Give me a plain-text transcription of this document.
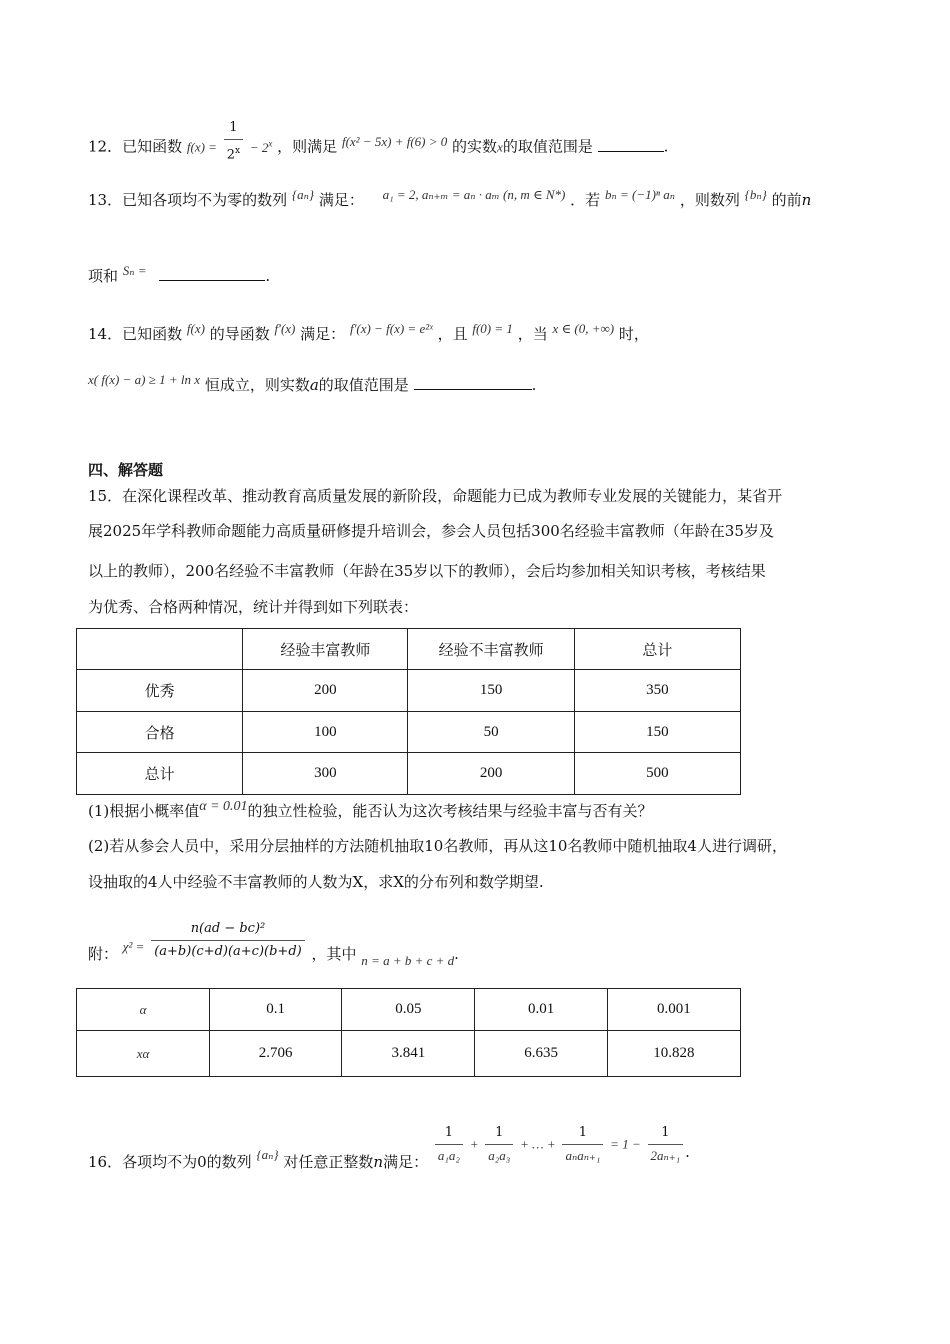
12．已知函数 $f(x) = \frac{1}{2^x} - 2^x$ ，则满足 f(x² − 5x) + f(6) > 0 的实数x的取值范围是	.
13．已知各项均不为零的数列 {aₙ} 满足： a₁ = 2, aₙ₊ₘ = aₙ · aₘ (n, m ∈ N*) ．若 bₙ = (−1)ⁿ aₙ ，则数列 {bₙ} 的前n
项和 Sₙ =	.
14．已知函数 f(x) 的导函数 f′(x) 满足： f′(x) − f(x) = e²ˣ ，且 f(0) = 1 ，当 x ∈ (0, +∞) 时，
x( f(x) − a) ≥ 1 + ln x 恒成立，则实数a的取值范围是	.
四、解答题
15．在深化课程改革、推动教育高质量发展的新阶段，命题能力已成为教师专业发展的关键能力，某省开
展2025年学科教师命题能力高质量研修提升培训会，参会人员包括300名经验丰富教师（年龄在35岁及
以上的教师），200名经验不丰富教师（年龄在35岁以下的教师），会后均参加相关知识考核，考核结果
为优秀、合格两种情况，统计并得到如下列联表：
	经验丰富教师	经验不丰富教师	总计
优秀	200	150	350
合格	100	50	150
总计	300	200	500
(1)根据小概率值α = 0.01的独立性检验，能否认为这次考核结果与经验丰富与否有关？
(2)若从参会人员中，采用分层抽样的方法随机抽取10名教师，再从这10名教师中随机抽取4人进行调研，
设抽取的4人中经验不丰富教师的人数为X，求X的分布列和数学期望.
附： $\chi^2 = \frac{\text{n(ad − bc)²}}{(a+b)(c+d)(a+c)(b+d)}$ ，其中 n = a + b + c + d.
α	0.1	0.05	0.01	0.001
xα	2.706	3.841	6.635	10.828
16．各项均不为0的数列 {aₙ} 对任意正整数n满足： $\frac{1}{\text{a₁a₂}} + \frac{1}{\text{a₂a₃}}$ + … + $\frac{1}{\text{aₙaₙ₊₁}} = 1 - \frac{1}{\text{2aₙ₊₁}}$ .
